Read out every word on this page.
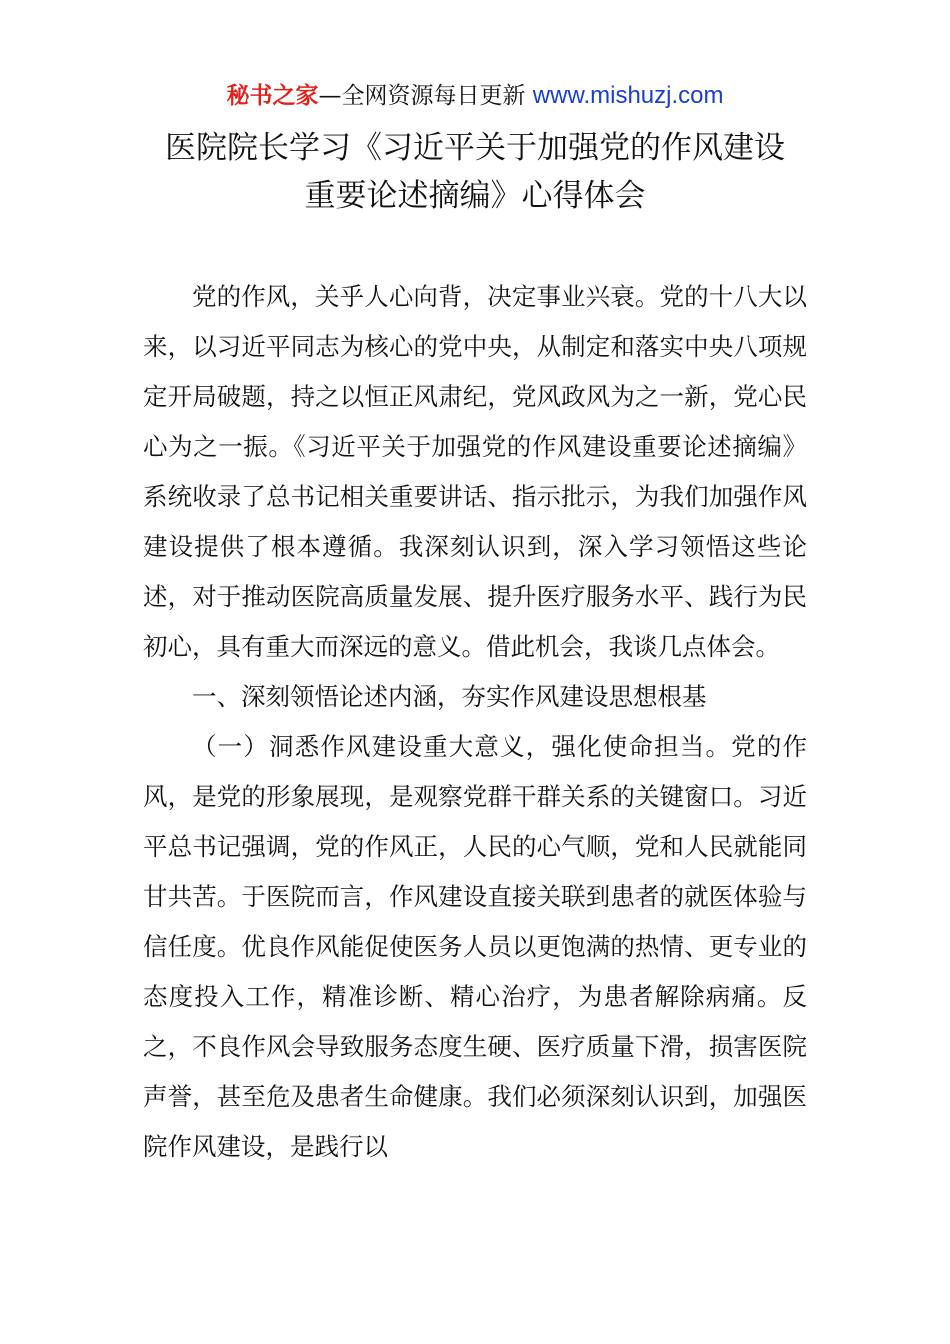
秘书之家—全网资源每日更新 www.mishuzj.com
医院院长学习《习近平关于加强党的作风建设
重要论述摘编》心得体会

党的作风，关乎人心向背，决定事业兴衰。党的十八大以来，以习近平同志为核心的党中央，从制定和落实中央八项规定开局破题，持之以恒正风肃纪，党风政风为之一新，党心民心为之一振。《习近平关于加强党的作风建设重要论述摘编》系统收录了总书记相关重要讲话、指示批示，为我们加强作风建设提供了根本遵循。我深刻认识到，深入学习领悟这些论述，对于推动医院高质量发展、提升医疗服务水平、践行为民初心，具有重大而深远的意义。借此机会，我谈几点体会。

一、深刻领悟论述内涵，夯实作风建设思想根基

（一）洞悉作风建设重大意义，强化使命担当。党的作风，是党的形象展现，是观察党群干群关系的关键窗口。习近平总书记强调，党的作风正，人民的心气顺，党和人民就能同甘共苦。于医院而言，作风建设直接关联到患者的就医体验与信任度。优良作风能促使医务人员以更饱满的热情、更专业的态度投入工作，精准诊断、精心治疗，为患者解除病痛。反之，不良作风会导致服务态度生硬、医疗质量下滑，损害医院声誉，甚至危及患者生命健康。我们必须深刻认识到，加强医院作风建设，是践行以
